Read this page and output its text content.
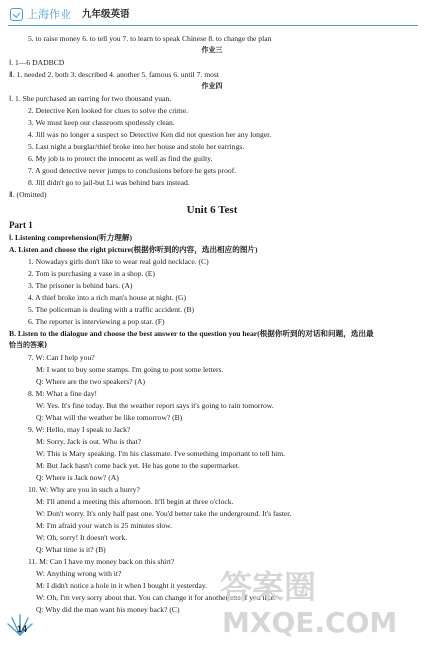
上海作业 九年级英语
5. to raise money 6. to tell you 7. to learn to speak Chinese 8. to change the plan
作业三
Ⅰ. 1—6 DADBCD
Ⅱ. 1. needed 2. both 3. described 4. another 5. famous 6. until 7. most
作业四
Ⅰ. 1. She purchased an earring for two thousand yuan.
2. Detective Ken looked for clues to solve the crime.
3. We must keep our classroom spotlessly clean.
4. Jill was no longer a suspect so Detective Ken did not question her any longer.
5. Last night a burglar/thief broke into her house and stole her earrings.
6. My job is to protect the innocent as well as find the guilty.
7. A good detective never jumps to conclusions before he gets proof.
8. Jill didn't go to jail-but Li was behind bars instead.
Ⅱ. (Omitted)
Unit 6 Test
Part 1
Ⅰ. Listening comprehension(听力理解)
A. Listen and choose the right picture(根据你听到的内容，选出相应的图片)
1. Nowadays girls don't like to wear real gold necklace. (C)
2. Tom is purchasing a vase in a shop. (E)
3. The prisoner is behind bars. (A)
4. A thief broke into a rich man's house at night. (G)
5. The policeman is dealing with a traffic accident. (B)
6. The reporter is interviewing a pop star. (F)
B. Listen to the dialogue and choose the best answer to the question you hear(根据你听到的对话和问题，选出最
恰当的答案)
7. W: Can I help you?
M: I want to buy some stamps. I'm going to post some letters.
Q: Where are the two speakers? (A)
8. M: What a fine day!
W: Yes. It's fine today. But the weather report says it's going to rain tomorrow.
Q: What will the weather be like tomorrow? (B)
9. W: Hello, may I speak to Jack?
M: Sorry, Jack is out. Who is that?
W: This is Mary speaking. I'm his classmate. I've something important to tell him.
M: But Jack hasn't come back yet. He has gone to the supermarket.
Q: Where is Jack now? (A)
10. W: Why are you in such a hurry?
M: I'll attend a meeting this afternoon. It'll begin at three o'clock.
W: Don't worry. It's only half past one. You'd better take the underground. It's faster.
M: I'm afraid your watch is 25 minutes slow.
W: Oh, sorry! It doesn't work.
Q: What time is it? (B)
11. M: Can I have my money back on this shirt?
W: Anything wrong with it?
M: I didn't notice a hole in it when I bought it yesterday.
W: Oh, I'm very sorry about that. You can change it for another one if you like.
Q: Why did the man want his money back? (C)
14
答案圈
MXQE.COM
